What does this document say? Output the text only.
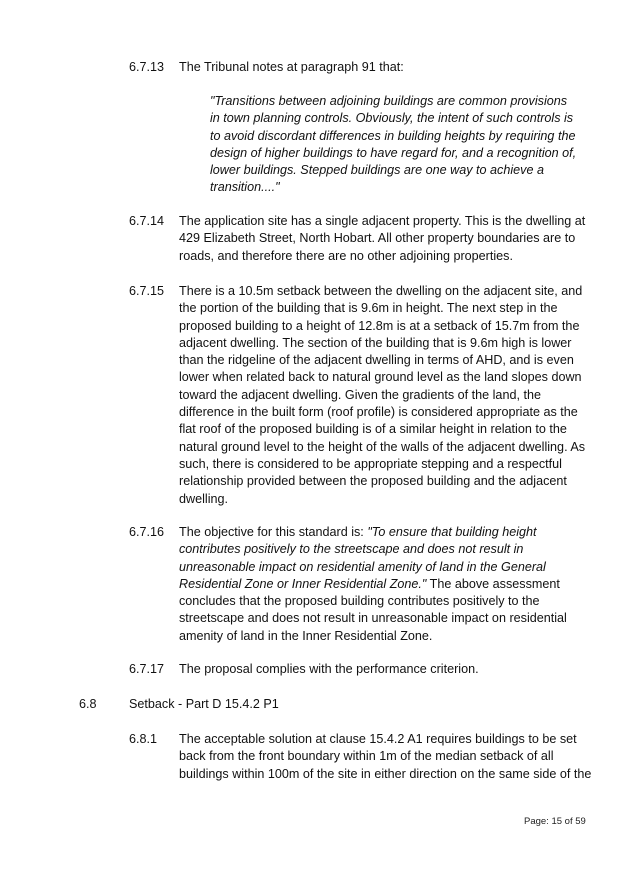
6.7.13 The Tribunal notes at paragraph 91 that:
"Transitions between adjoining buildings are common provisions
in town planning controls. Obviously, the intent of such controls is
to avoid discordant differences in building heights by requiring the
design of higher buildings to have regard for, and a recognition of,
lower buildings. Stepped buildings are one way to achieve a
transition...."
6.7.14 The application site has a single adjacent property. This is the dwelling at
429 Elizabeth Street, North Hobart. All other property boundaries are to
roads, and therefore there are no other adjoining properties.
6.7.15 There is a 10.5m setback between the dwelling on the adjacent site, and
the portion of the building that is 9.6m in height. The next step in the
proposed building to a height of 12.8m is at a setback of 15.7m from the
adjacent dwelling. The section of the building that is 9.6m high is lower
than the ridgeline of the adjacent dwelling in terms of AHD, and is even
lower when related back to natural ground level as the land slopes down
toward the adjacent dwelling. Given the gradients of the land, the
difference in the built form (roof profile) is considered appropriate as the
flat roof of the proposed building is of a similar height in relation to the
natural ground level to the height of the walls of the adjacent dwelling. As
such, there is considered to be appropriate stepping and a respectful
relationship provided between the proposed building and the adjacent
dwelling.
6.7.16 The objective for this standard is: "To ensure that building height
contributes positively to the streetscape and does not result in
unreasonable impact on residential amenity of land in the General
Residential Zone or Inner Residential Zone." The above assessment
concludes that the proposed building contributes positively to the
streetscape and does not result in unreasonable impact on residential
amenity of land in the Inner Residential Zone.
6.7.17 The proposal complies with the performance criterion.
6.8	Setback - Part D 15.4.2 P1
6.8.1 The acceptable solution at clause 15.4.2 A1 requires buildings to be set
back from the front boundary within 1m of the median setback of all
buildings within 100m of the site in either direction on the same side of the
Page: 15 of 59
